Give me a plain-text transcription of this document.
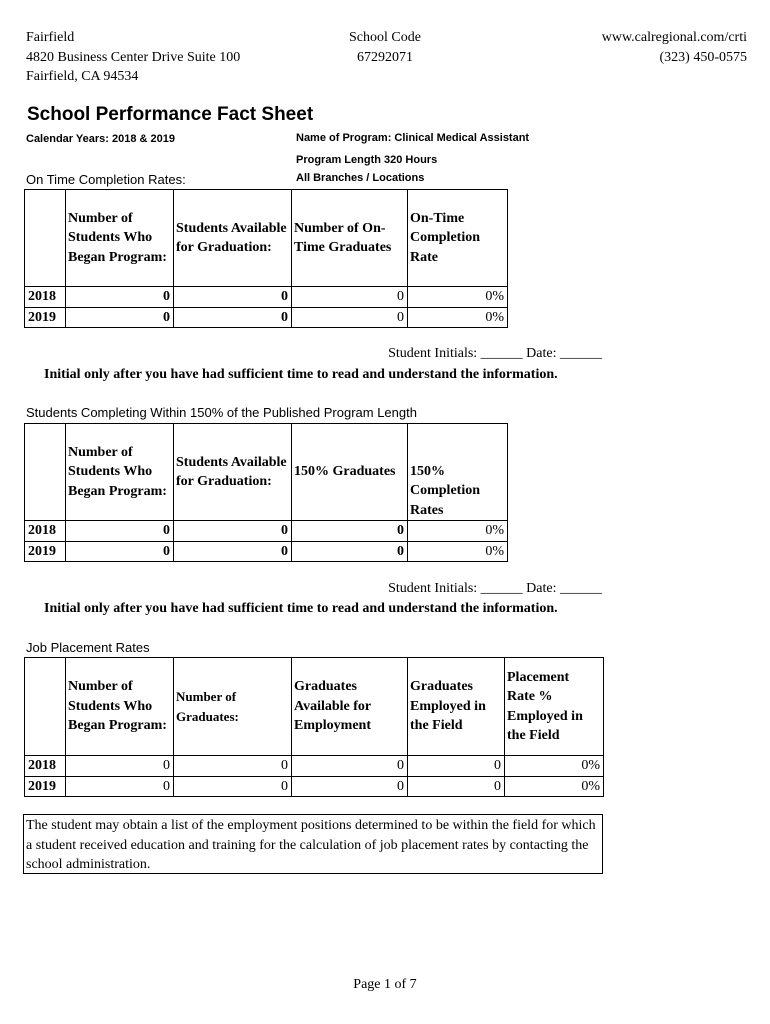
Fairfield
4820 Business Center Drive Suite 100
Fairfield, CA 94534
School Code
67292071
www.calregional.com/crti
(323) 450-0575
School Performance Fact Sheet
Calendar Years: 2018 & 2019	Name of Program: Clinical Medical Assistant
Program Length 320 Hours
All Branches / Locations
On Time Completion Rates:
	Number of Students Who Began Program:	Students Available for Graduation:	Number of On-Time Graduates	On-Time Completion Rate
2018	0	0	0	0%
2019	0	0	0	0%
Student Initials: ______ Date: ______
Initial only after you have had sufficient time to read and understand the information.
Students Completing Within 150% of the Published Program Length
	Number of Students Who Began Program:	Students Available for Graduation:	150% Graduates	150% Completion Rates
2018	0	0	0	0%
2019	0	0	0	0%
Student Initials: ______ Date: ______
Initial only after you have had sufficient time to read and understand the information.
Job Placement Rates
	Number of Students Who Began Program:	Number of Graduates:	Graduates Available for Employment	Graduates Employed in the Field	Placement Rate % Employed in the Field
2018	0	0	0	0	0%
2019	0	0	0	0	0%
The student may obtain a list of the employment positions determined to be within the field for which a student received education and training for the calculation of job placement rates by contacting the school administration.
Page 1 of 7
